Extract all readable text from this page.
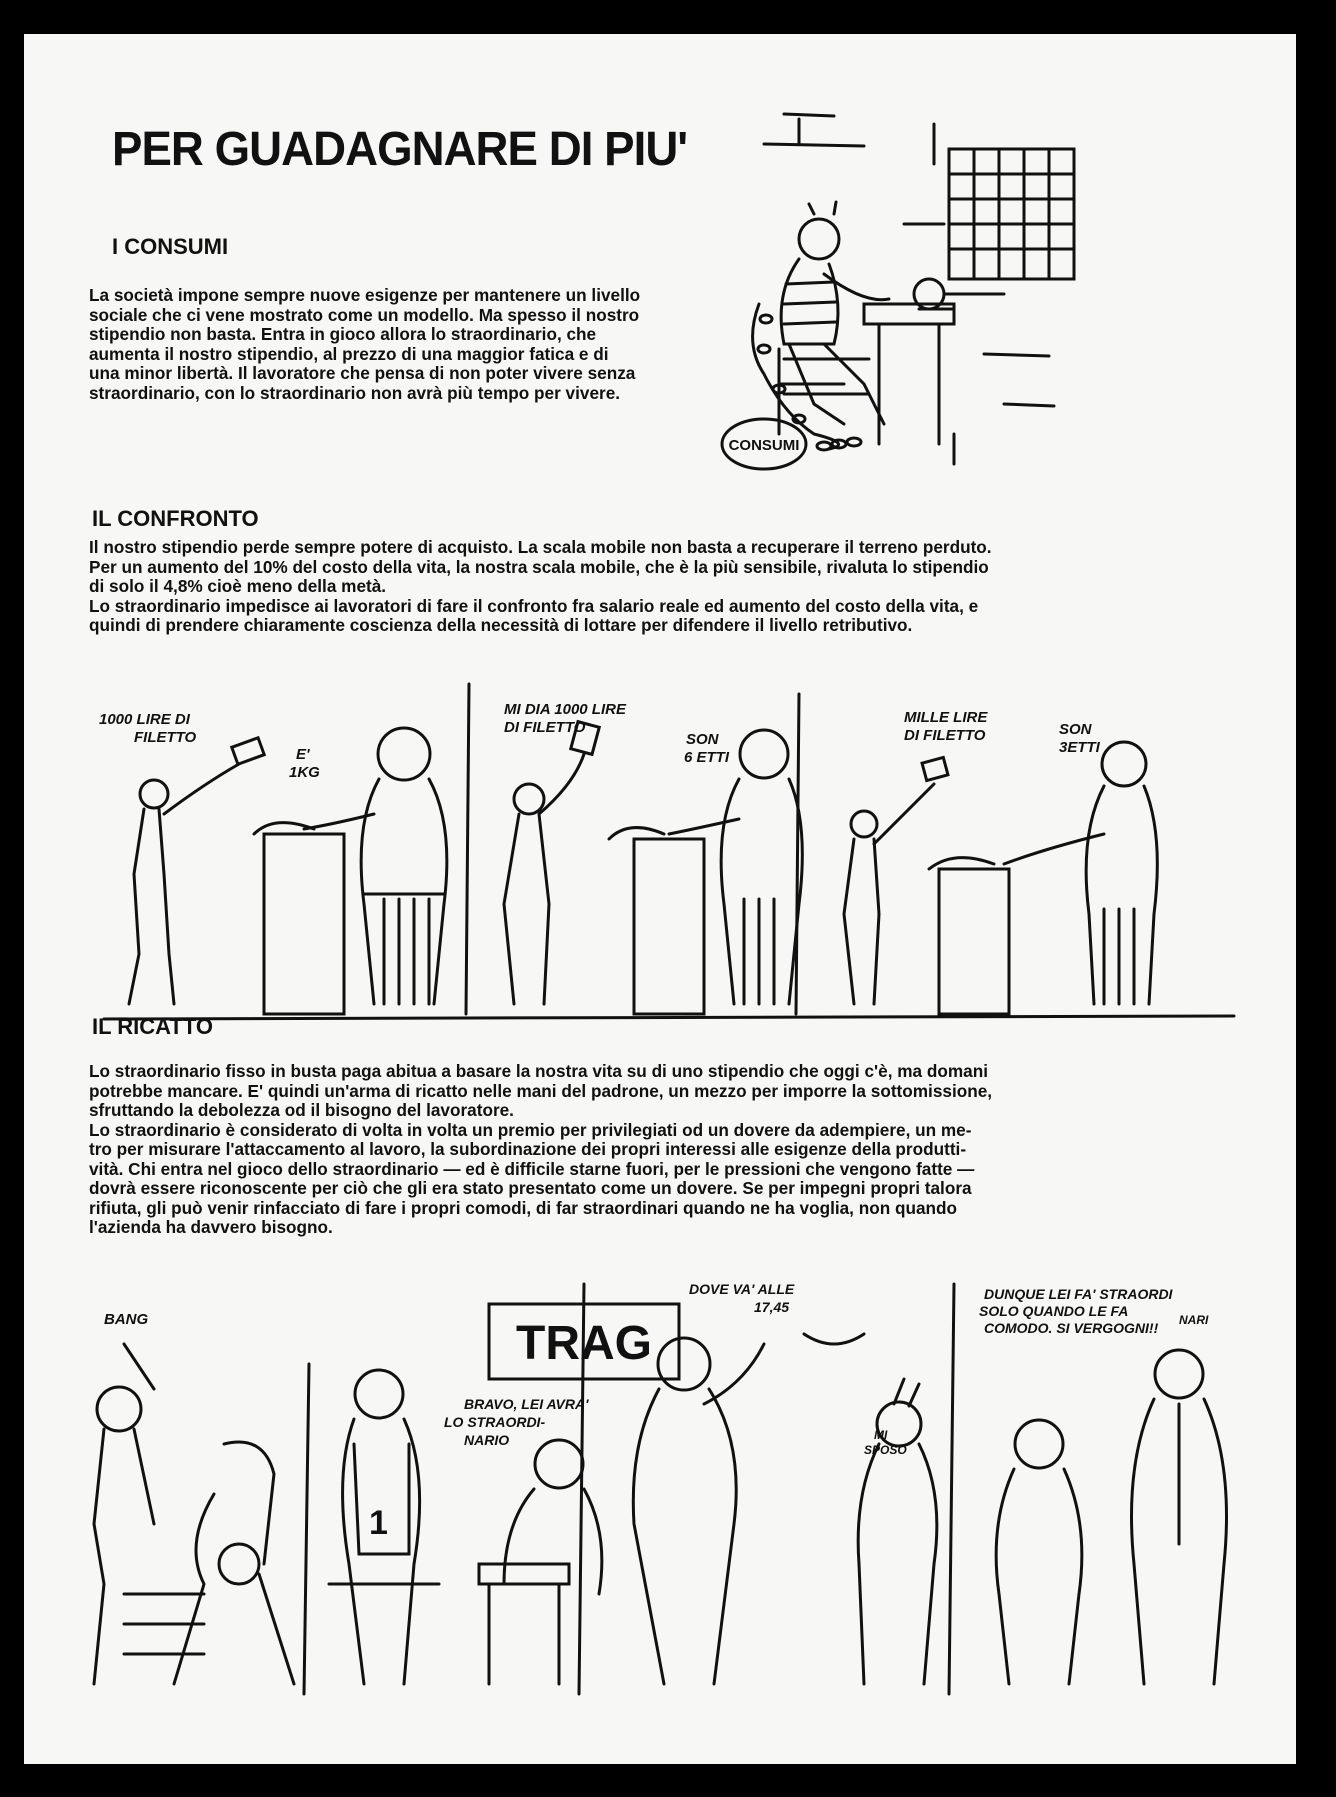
PER GUADAGNARE DI PIU'
I CONSUMI
La società impone sempre nuove esigenze per mantenere un livello
sociale che ci vene mostrato come un modello. Ma spesso il nostro
stipendio non basta. Entra in gioco allora lo straordinario, che
aumenta il nostro stipendio, al prezzo di una maggior fatica e di
una minor libertà. Il lavoratore che pensa di non poter vivere senza
straordinario, con lo straordinario non avrà più tempo per vivere.
CONSUMI
IL CONFRONTO
Il nostro stipendio perde sempre potere di acquisto. La scala mobile non basta a recuperare il terreno perduto.
Per un aumento del 10% del costo della vita, la nostra scala mobile, che è la più sensibile, rivaluta lo stipendio
di solo il 4,8% cioè meno della metà.
Lo straordinario impedisce ai lavoratori di fare il confronto fra salario reale ed aumento del costo della vita, e
quindi di prendere chiaramente coscienza della necessità di lottare per difendere il livello retributivo.
1000 LIRE DI
FILETTO
E'
1KG
MI DIA 1000 LIRE
DI FILETTO
SON
6 ETTI
MILLE LIRE
DI FILETTO	SON
3ETTI
IL RICATTO
Lo straordinario fisso in busta paga abitua a basare la nostra vita su di uno stipendio che oggi c'è, ma domani
potrebbe mancare. E' quindi un'arma di ricatto nelle mani del padrone, un mezzo per imporre la sottomissione,
sfruttando la debolezza od il bisogno del lavoratore.
Lo straordinario è considerato di volta in volta un premio per privilegiati od un dovere da adempiere, un me-
tro per misurare l'attaccamento al lavoro, la subordinazione dei propri interessi alle esigenze della produtti-
vità. Chi entra nel gioco dello straordinario — ed è difficile starne fuori, per le pressioni che vengono fatte —
dovrà essere riconoscente per ciò che gli era stato presentato come un dovere. Se per impegni propri talora
rifiuta, gli può venir rinfacciato di fare i propri comodi, di far straordinari quando ne ha voglia, non quando
l'azienda ha davvero bisogno.
BANG	TRAG
BRAVO, LEI AVRA'
LO STRAORDI-
NARIO
1
DOVE VA' ALLE
17,45
MI
SPOSO
DUNQUE LEI FA' STRAORDI
SOLO QUANDO LE FA
NARI
COMODO. SI VERGOGNI!!
